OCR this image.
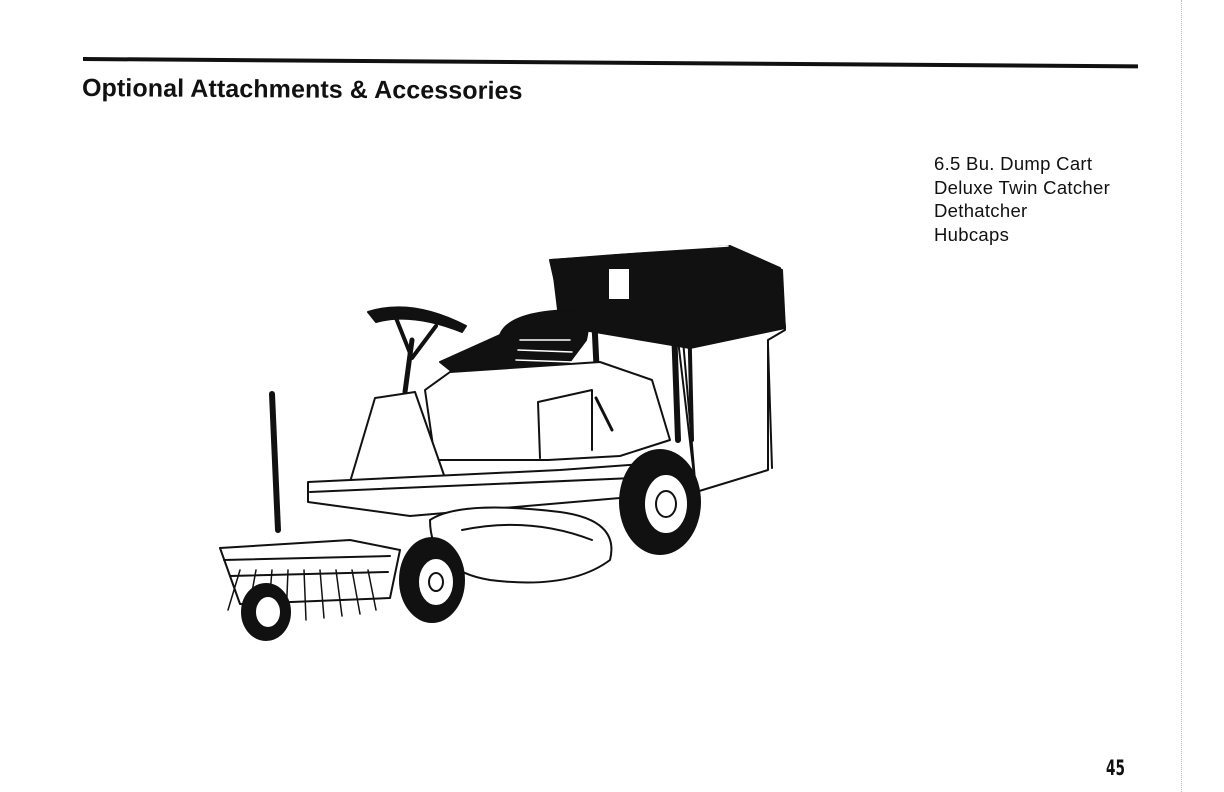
Optional Attachments & Accessories
6.5 Bu. Dump Cart
Deluxe Twin Catcher
Dethatcher
Hubcaps
45
